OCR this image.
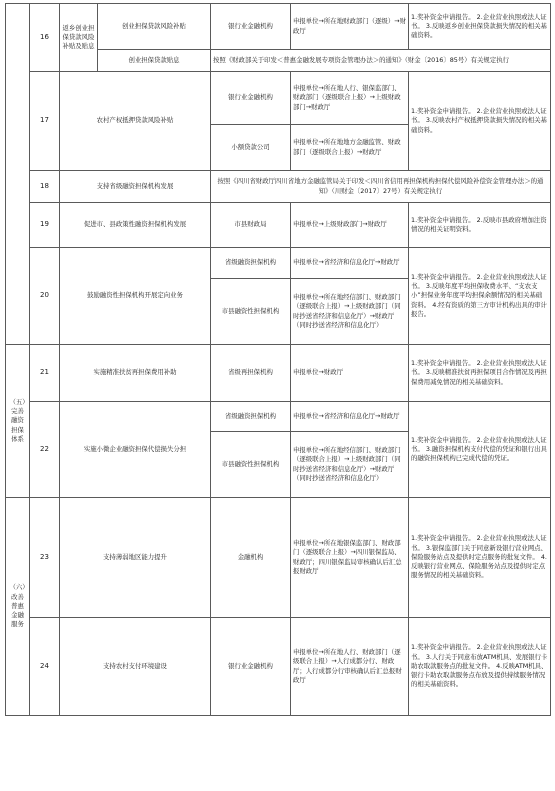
	16	返乡创业担保贷款风险补贴及贴息	创业担保贷款风险补贴	银行业金融机构	申报单位→所在地财政部门（逐级）→财政厅	1.奖补资金申请报告。 2.企业营业执照或法人证书。 3.反映返乡创业担保贷款损失情况的相关基础资料。
			创业担保贷款贴息	按照《财政部关于印发＜普惠金融发展专项资金管理办法＞的通知》（财金〔2016〕85号）有关规定执行		
	17	农村产权抵押贷款风险补贴		银行业金融机构	申报单位→所在地人行、银保监部门、财政部门（逐级联合上报）→上级财政部门→财政厅	1.奖补资金申请报告。 2.企业营业执照或法人证书。 3.反映农村产权抵押贷款损失情况的相关基础资料。
				小额贷款公司	申报单位→所在地地方金融监管、财政部门（逐级联合上报）→财政厅	
	18	支持省级融资担保机构发展		按照《四川省财政厅四川省地方金融监管局关于印发＜四川省信用再担保机构担保代偿风险补偿资金管理办法＞的通知》（川财金〔2017〕27号）有关规定执行		
	19	促进市、县政策性融资担保机构发展		市县财政局	申报单位→上级财政部门→财政厅	1.奖补资金申请报告。 2.反映市县政府增加注资情况的相关证明资料。
	20	鼓励融资性担保机构开展定向业务		省级融资担保机构	申报单位→省经济和信息化厅→财政厅	1.奖补资金申请报告。 2.企业营业执照或法人证书。 3.反映年度平均担保收费水平、“支农支小”担保业务年度平均担保余额情况的相关基础资料。 4.经有资质的第三方审计机构出具的审计报告。
				市县融资性担保机构	申报单位→所在地经信部门、财政部门（逐级联合上报）→上级财政部门（同时抄送省经济和信息化厅）→财政厅（同时抄送省经济和信息化厅）	
（五）完善融资担保体系	21	实施精准扶贫再担保费用补助		省级再担保机构	申报单位→财政厅	1.奖补资金申请报告。 2.企业营业执照或法人证书。 3.反映精准扶贫再担保项目合作情况及再担保费用减免情况的相关基础资料。
	22	实施小微企业融资担保代偿损失分担		省级融资担保机构	申报单位→省经济和信息化厅→财政厅	1.奖补资金申请报告。 2.企业营业执照或法人证书。 3.融资担保机构支付代偿的凭证和银行出具的融资担保机构已完成代偿的凭证。
				市县融资性担保机构	申报单位→所在地经信部门、财政部门（逐级联合上报）→上级财政部门（同时抄送省经济和信息化厅）→财政厅（同时抄送省经济和信息化厅）	
（六）改善普惠金融服务	23	支持薄弱地区能力提升		金融机构	申报单位→所在地银保监部门、财政部门（逐级联合上报）→四川银保监局、财政厅；四川银保监局审核确认后汇总报财政厅	1.奖补资金申请报告。 2.企业营业执照或法人证书。 3.银保监部门关于同意新设银行营业网点、保险服务站点及提供时定点服务的批复文件。 4.反映银行营业网点、保险服务站点及提供时定点服务情况的相关基础资料。
	24	支持农村支付环境建设		银行业金融机构	申报单位→所在地人行、财政部门（逐级联合上报）→人行成都分行、财政厅；人行成都分行审核确认后汇总报财政厅	1.奖补资金申请报告。 2.企业营业执照或法人证书。 3.人行关于同意布放ATM机具、发展银行卡助农取款服务点的批复文件。 4.反映ATM机具、银行卡助农取款服务点布放及提供持续服务情况的相关基础资料。
